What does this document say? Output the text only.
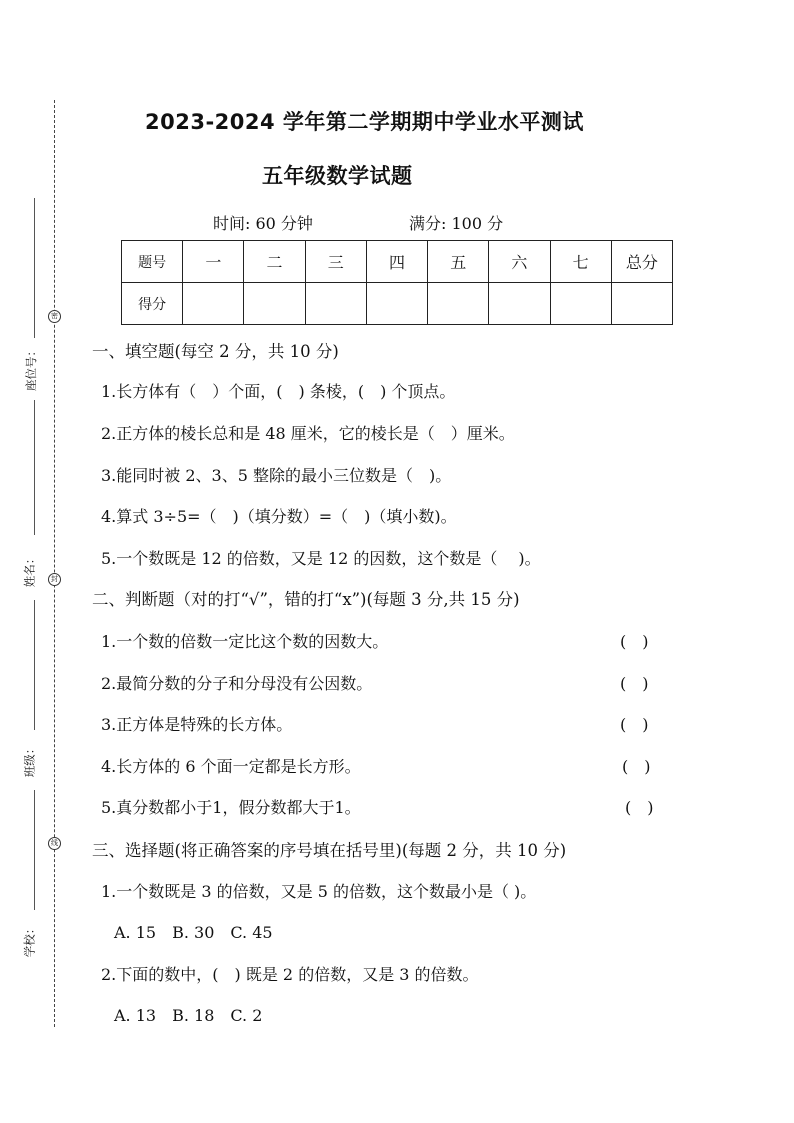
座位号：
姓名：
班级：
学校：
密
封
线
2023-2024 学年第二学期期中学业水平测试
五年级数学试题
时间: 60 分钟	满分: 100 分
题号	一	二	三	四	五	六	七	总分
得分								
一、填空题(每空 2 分，共 10 分)
1.长方体有（　）个面，(　) 条棱，(　) 个顶点。
2.正方体的棱长总和是 48 厘米，它的棱长是（　）厘米。
3.能同时被 2、3、5 整除的最小三位数是（　)。
4.算式 3÷5=（　)（填分数）=（　)（填小数)。
5.一个数既是 12 的倍数，又是 12 的因数，这个数是（　 )。
二、判断题（对的打“√”，错的打“x”)(每题 3 分,共 15 分)
1.一个数的倍数一定比这个数的因数大。	(　)
2.最简分数的分子和分母没有公因数。	(　)
3.正方体是特殊的长方体。	(　)
4.长方体的 6 个面一定都是长方形。	(　)
5.真分数都小于1，假分数都大于1。	(　)
三、选择题(将正确答案的序号填在括号里)(每题 2 分，共 10 分)
1.一个数既是 3 的倍数，又是 5 的倍数，这个数最小是（ )。
A. 15　B. 30　C. 45
2.下面的数中，(　) 既是 2 的倍数，又是 3 的倍数。
A. 13　B. 18　C. 2
